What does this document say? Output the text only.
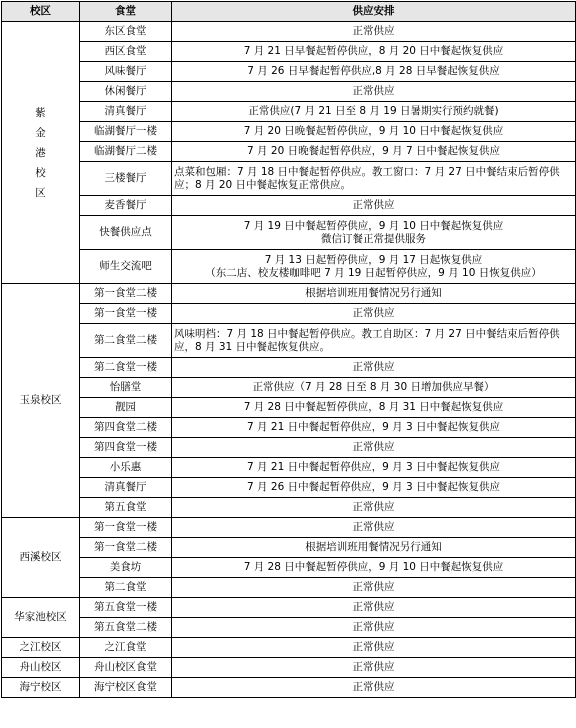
校区	食堂	供应安排

紫金港校区	东区食堂	正常供应

	西区食堂	7 月 21 日早餐起暂停供应，8 月 20 日中餐起恢复供应

	风味餐厅	7 月 26 日早餐起暂停供应,8 月 28 日早餐起恢复供应

	休闲餐厅	正常供应

	清真餐厅	正常供应(7 月 21 日至 8 月 19 日暑期实行预约就餐)

	临湖餐厅一楼	7 月 20 日晚餐起暂停供应，9 月 10 日中餐起恢复供应

	临湖餐厅二楼	7 月 20 日晚餐起暂停供应，9 月 7 日中餐起恢复供应

	三楼餐厅	点菜和包厢：7 月 18 日中餐起暂停供应。教工窗口：7 月 27 日中餐结束后暂停供应；8 月 20 日中餐起恢复正常供应。

	麦香餐厅	正常供应

	快餐供应点	7 月 19 日中餐起暂停供应，9 月 10 日中餐起恢复供应
微信订餐正常提供服务

	师生交流吧	7 月 13 日起暂停供应，9 月 17 日起恢复供应
（东二店、校友楼咖啡吧 7 月 19 日起暂停供应，9 月 10 日恢复供应）

玉泉校区	第一食堂二楼	根据培训班用餐情况另行通知

	第一食堂一楼	正常供应

	第二食堂二楼	风味明档：7 月 18 日中餐起暂停供应。教工自助区：7 月 27 日中餐结束后暂停供应，8 月 31 日中餐起恢复供应。

	第二食堂一楼	正常供应

	怡膳堂	正常供应（7 月 28 日至 8 月 30 日增加供应早餐）

	靓园	7 月 28 日中餐起暂停供应，8 月 31 日中餐起恢复供应

	第四食堂二楼	7 月 21 日中餐起暂停供应，9 月 3 日中餐起恢复供应

	第四食堂一楼	正常供应

	小乐惠	7 月 21 日中餐起暂停供应，9 月 3 日中餐起恢复供应

	清真餐厅	7 月 26 日中餐起暂停供应，9 月 3 日中餐起恢复供应

	第五食堂	正常供应

西溪校区	第一食堂一楼	正常供应

	第一食堂二楼	根据培训班用餐情况另行通知

	美食坊	7 月 28 日中餐起暂停供应，9 月 10 日中餐起恢复供应

	第二食堂	正常供应

华家池校区	第五食堂一楼	正常供应

	第五食堂二楼	正常供应

之江校区	之江食堂	正常供应

舟山校区	舟山校区食堂	正常供应

海宁校区	海宁校区食堂	正常供应
